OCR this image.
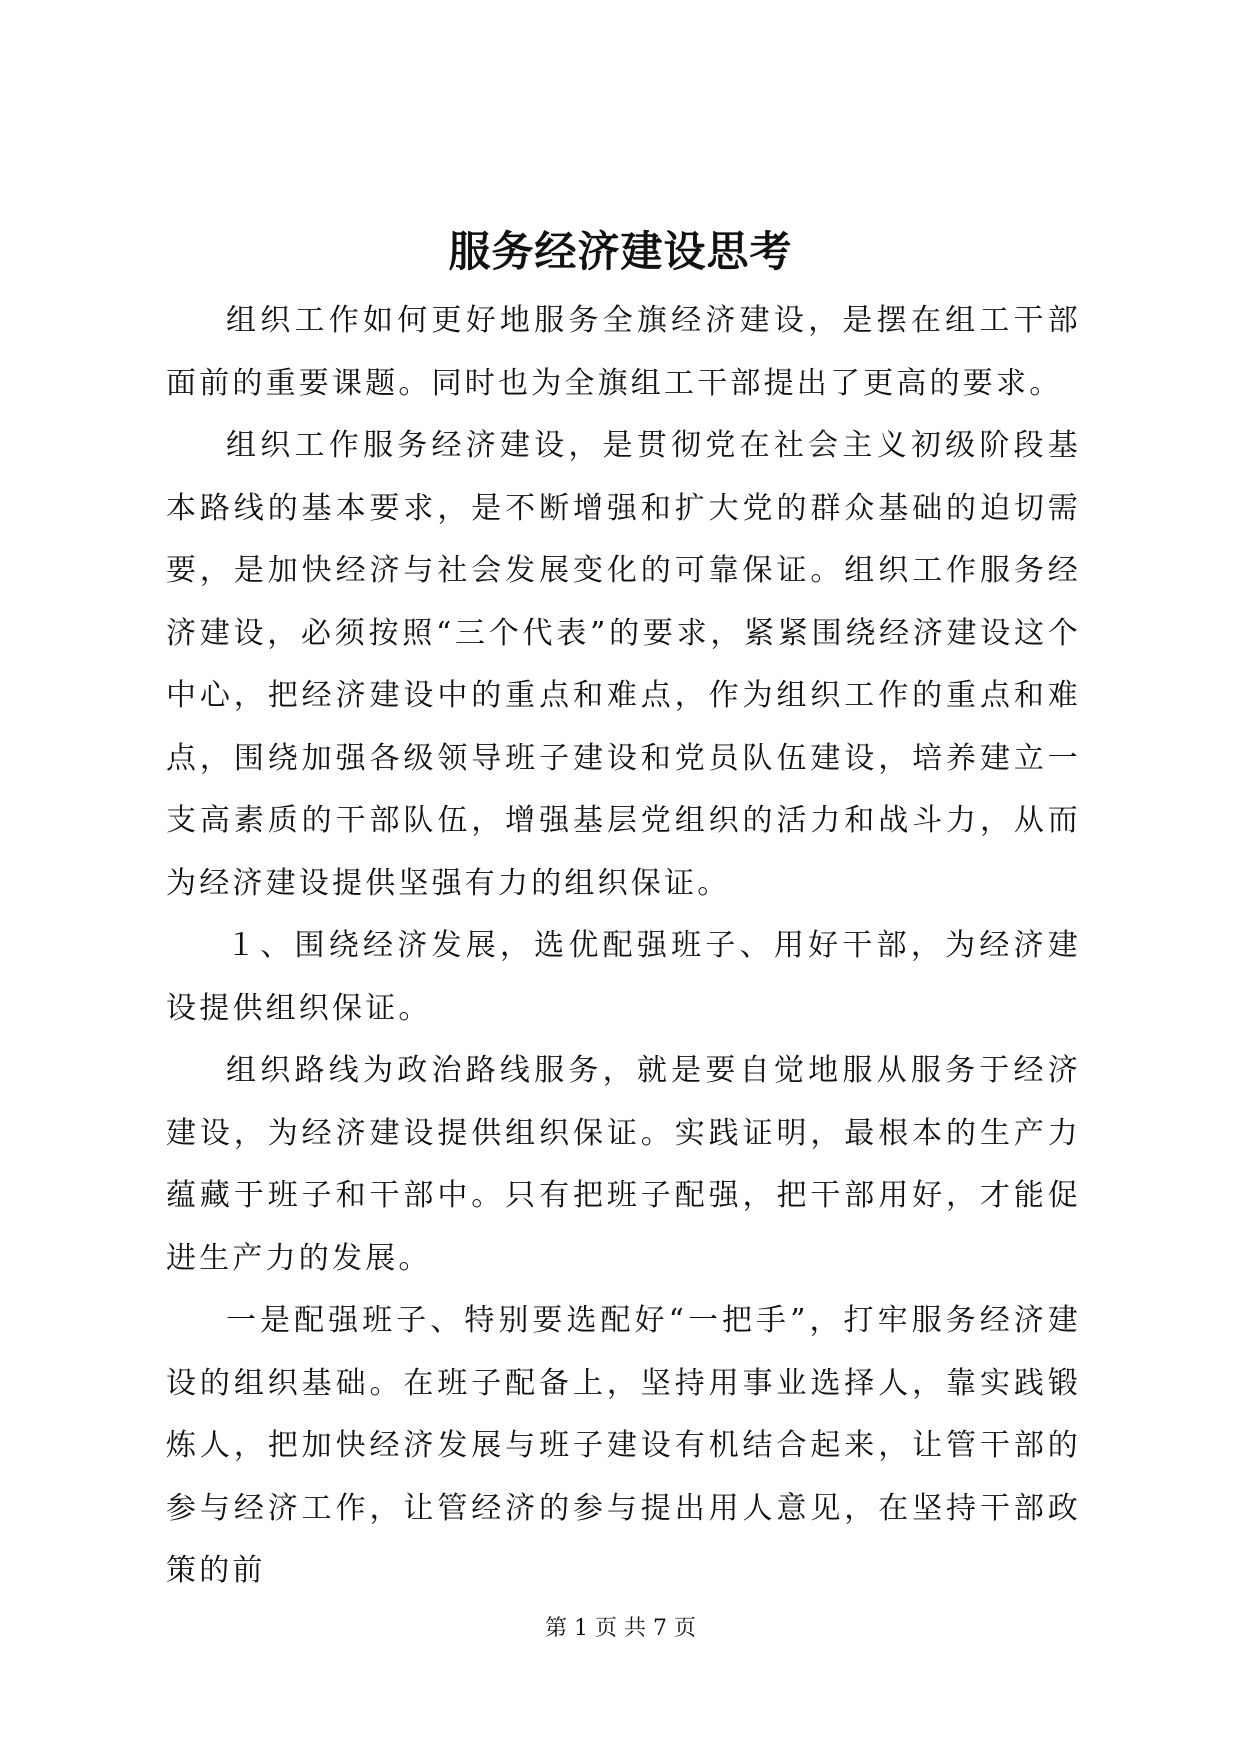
服务经济建设思考

组织工作如何更好地服务全旗经济建设，是摆在组工干部面前的重要课题。同时也为全旗组工干部提出了更高的要求。

组织工作服务经济建设，是贯彻党在社会主义初级阶段基本路线的基本要求，是不断增强和扩大党的群众基础的迫切需要，是加快经济与社会发展变化的可靠保证。组织工作服务经济建设，必须按照“三个代表”的要求，紧紧围绕经济建设这个中心，把经济建设中的重点和难点，作为组织工作的重点和难点，围绕加强各级领导班子建设和党员队伍建设，培养建立一支高素质的干部队伍，增强基层党组织的活力和战斗力，从而为经济建设提供坚强有力的组织保证。

１、围绕经济发展，选优配强班子、用好干部，为经济建设提供组织保证。

组织路线为政治路线服务，就是要自觉地服从服务于经济建设，为经济建设提供组织保证。实践证明，最根本的生产力蕴藏于班子和干部中。只有把班子配强，把干部用好，才能促进生产力的发展。

一是配强班子、特别要选配好“一把手”，打牢服务经济建设的组织基础。在班子配备上，坚持用事业选择人，靠实践锻炼人，把加快经济发展与班子建设有机结合起来，让管干部的参与经济工作，让管经济的参与提出用人意见，在坚持干部政策的前

第 1 页 共 7 页
